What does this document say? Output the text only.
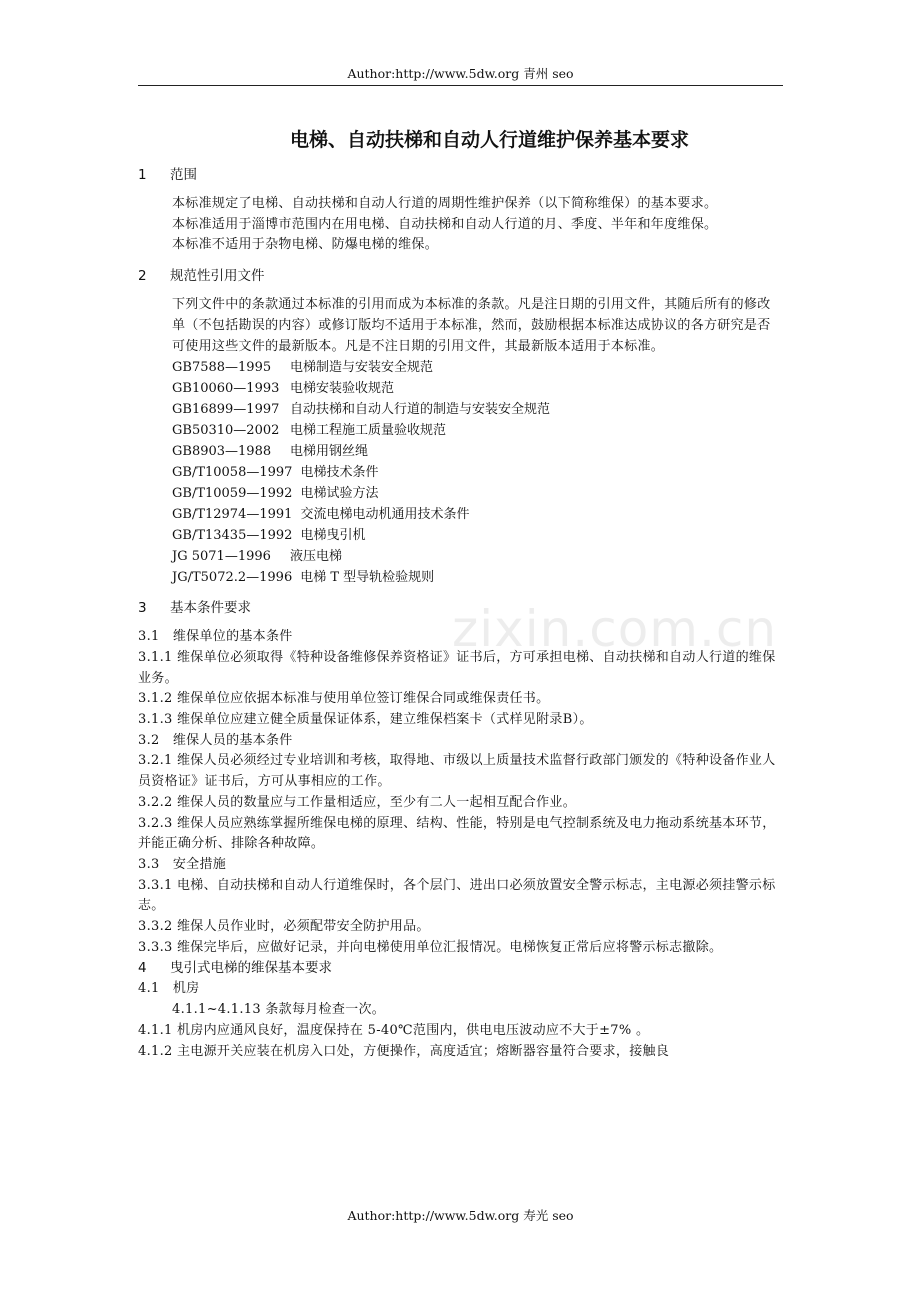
Author:http://www.5dw.org 青州 seo
zixin.com.cn
电梯、自动扶梯和自动人行道维护保养基本要求
1 范围

本标准规定了电梯、自动扶梯和自动人行道的周期性维护保养（以下简称维保）的基本要求。

本标准适用于淄博市范围内在用电梯、自动扶梯和自动人行道的月、季度、半年和年度维保。

本标准不适用于杂物电梯、防爆电梯的维保。

2 规范性引用文件

下列文件中的条款通过本标准的引用而成为本标准的条款。凡是注日期的引用文件，其随后所有的修改单（不包括勘误的内容）或修订版均不适用于本标准，然而，鼓励根据本标准达成协议的各方研究是否可使用这些文件的最新版本。凡是不注日期的引用文件，其最新版本适用于本标准。

GB7588—1995 电梯制造与安装安全规范
GB10060—1993 电梯安装验收规范
GB16899—1997 自动扶梯和自动人行道的制造与安装安全规范
GB50310—2002 电梯工程施工质量验收规范
GB8903—1988 电梯用钢丝绳
GB/T10058—1997 电梯技术条件
GB/T10059—1992 电梯试验方法
GB/T12974—1991 交流电梯电动机通用技术条件
GB/T13435—1992 电梯曳引机
JG 5071—1996 液压电梯
JG/T5072.2—1996 电梯 T 型导轨检验规则
3 基本条件要求

3.1　维保单位的基本条件

3.1.1 维保单位必须取得《特种设备维修保养资格证》证书后，方可承担电梯、自动扶梯和自动人行道的维保业务。

3.1.2 维保单位应依据本标准与使用单位签订维保合同或维保责任书。

3.1.3 维保单位应建立健全质量保证体系，建立维保档案卡（式样见附录B）。

3.2　维保人员的基本条件

3.2.1 维保人员必须经过专业培训和考核，取得地、市级以上质量技术监督行政部门颁发的《特种设备作业人员资格证》证书后，方可从事相应的工作。

3.2.2 维保人员的数量应与工作量相适应，至少有二人一起相互配合作业。

3.2.3 维保人员应熟练掌握所维保电梯的原理、结构、性能，特别是电气控制系统及电力拖动系统基本环节，并能正确分析、排除各种故障。

3.3　安全措施

3.3.1 电梯、自动扶梯和自动人行道维保时，各个层门、进出口必须放置安全警示标志，主电源必须挂警示标志。

3.3.2 维保人员作业时，必须配带安全防护用品。

3.3.3 维保完毕后，应做好记录，并向电梯使用单位汇报情况。电梯恢复正常后应将警示标志撤除。

4 曳引式电梯的维保基本要求

4.1　机房

4.1.1~4.1.13 条款每月检查一次。

4.1.1 机房内应通风良好，温度保持在 5-40℃范围内，供电电压波动应不大于±7% 。

4.1.2 主电源开关应装在机房入口处，方便操作，高度适宜；熔断器容量符合要求，接触良

Author:http://www.5dw.org 寿光 seo
